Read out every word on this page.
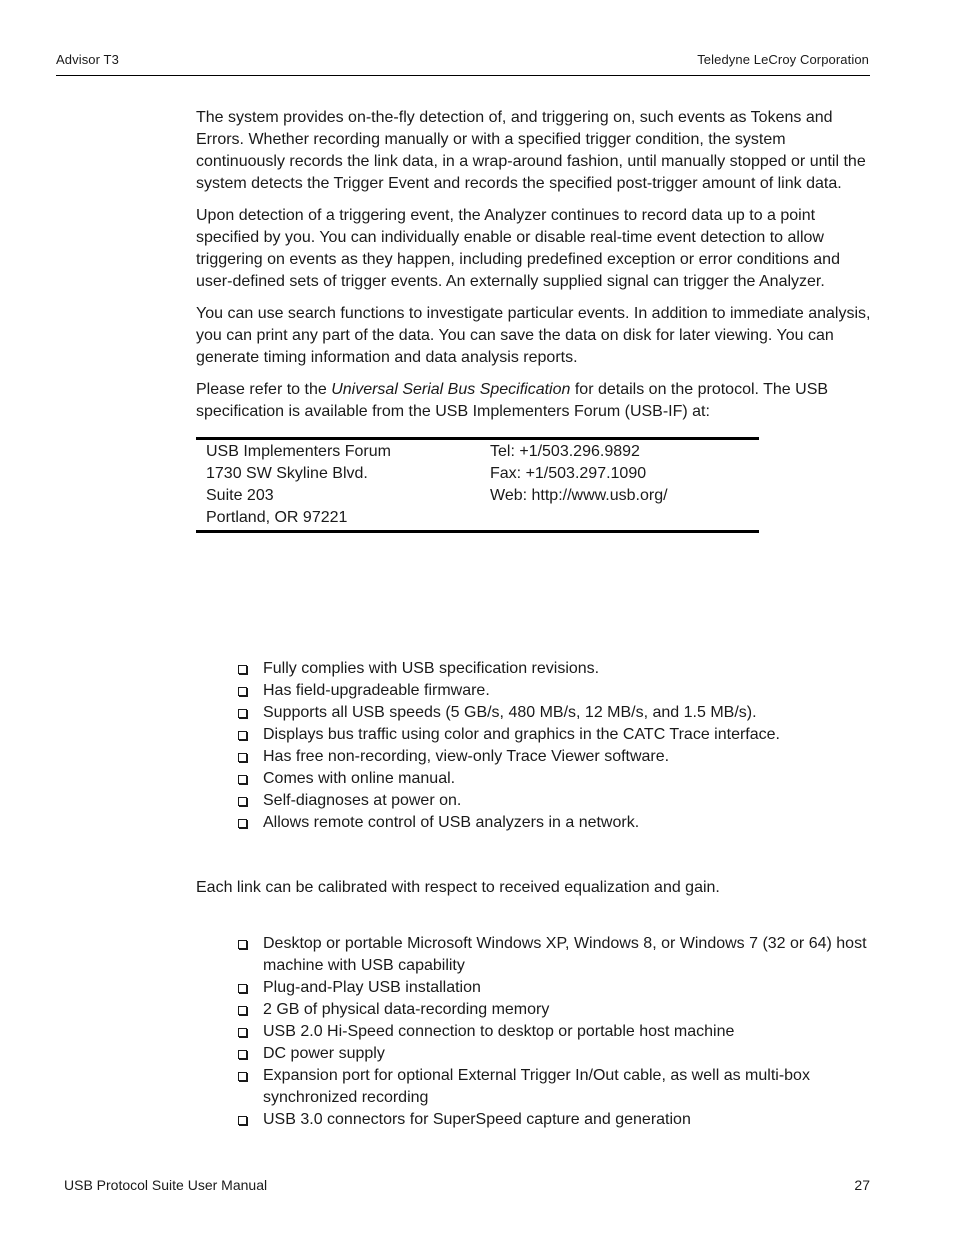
Advisor T3	Teledyne LeCroy Corporation

The system provides on-the-fly detection of, and triggering on, such events as Tokens and Errors. Whether recording manually or with a specified trigger condition, the system continuously records the link data, in a wrap-around fashion, until manually stopped or until the system detects the Trigger Event and records the specified post-trigger amount of link data.

Upon detection of a triggering event, the Analyzer continues to record data up to a point specified by you. You can individually enable or disable real-time event detection to allow triggering on events as they happen, including predefined exception or error conditions and user-defined sets of trigger events. An externally supplied signal can trigger the Analyzer.

You can use search functions to investigate particular events. In addition to immediate analysis, you can print any part of the data. You can save the data on disk for later viewing. You can generate timing information and data analysis reports.

Please refer to the Universal Serial Bus Specification for details on the protocol. The USB specification is available from the USB Implementers Forum (USB-IF) at:

USB Implementers Forum	Tel: +1/503.296.9892
1730 SW Skyline Blvd.	Fax: +1/503.297.1090
Suite 203	Web: http://www.usb.org/
Portland, OR 97221	
Fully complies with USB specification revisions.
Has field-upgradeable firmware.
Supports all USB speeds (5 GB/s, 480 MB/s, 12 MB/s, and 1.5 MB/s).
Displays bus traffic using color and graphics in the CATC Trace interface.
Has free non-recording, view-only Trace Viewer software.
Comes with online manual.
Self-diagnoses at power on.
Allows remote control of USB analyzers in a network.
Each link can be calibrated with respect to received equalization and gain.
Desktop or portable Microsoft Windows XP, Windows 8, or Windows 7 (32 or 64) host machine with USB capability
Plug-and-Play USB installation
2 GB of physical data-recording memory
USB 2.0 Hi-Speed connection to desktop or portable host machine
DC power supply
Expansion port for optional External Trigger In/Out cable, as well as multi-box synchronized recording
USB 3.0 connectors for SuperSpeed capture and generation
USB Protocol Suite User Manual	27
